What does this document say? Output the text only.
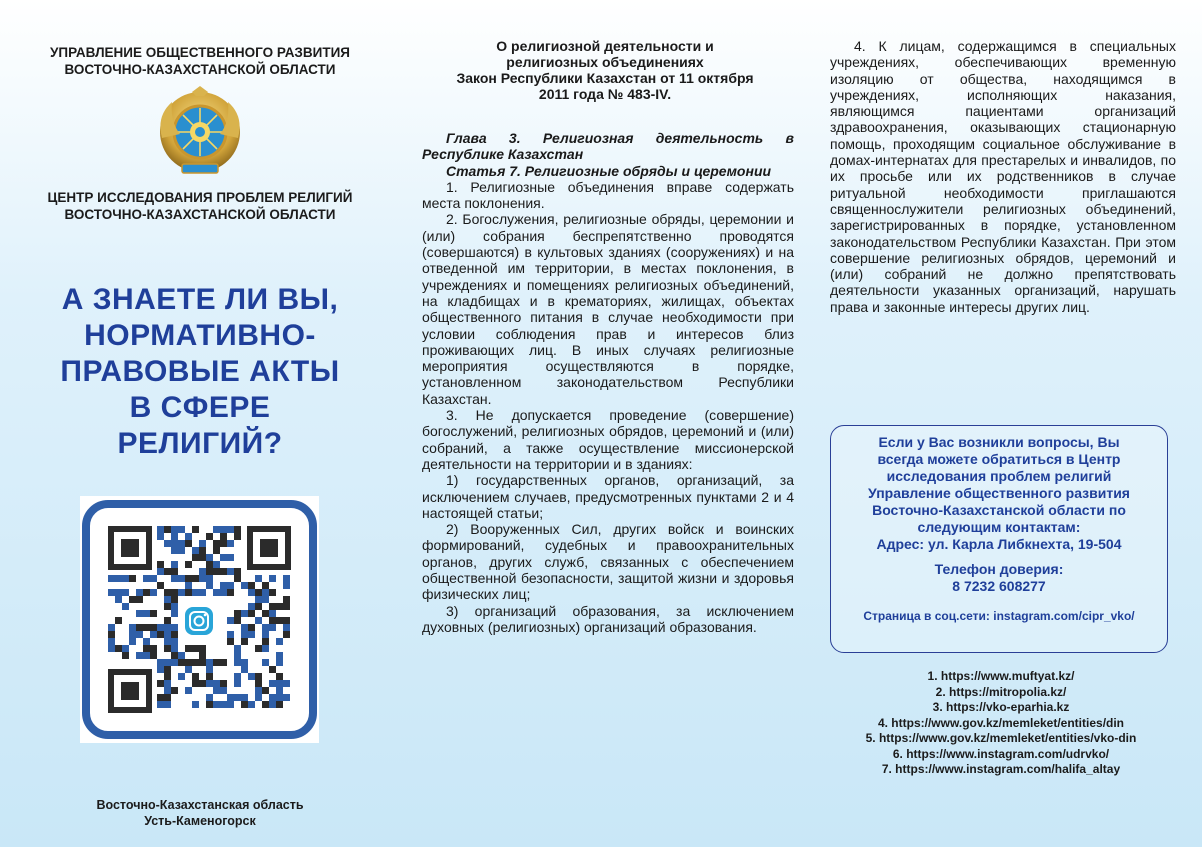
УПРАВЛЕНИЕ ОБЩЕСТВЕННОГО РАЗВИТИЯ
ВОСТОЧНО-КАЗАХСТАНСКОЙ ОБЛАСТИ
ЦЕНТР ИССЛЕДОВАНИЯ ПРОБЛЕМ РЕЛИГИЙ
ВОСТОЧНО-КАЗАХСТАНСКОЙ ОБЛАСТИ
А ЗНАЕТЕ ЛИ ВЫ,
НОРМАТИВНО-
ПРАВОВЫЕ АКТЫ
В СФЕРЕ
РЕЛИГИЙ?
Восточно-Казахстанская область
Усть-Каменогорск
О религиозной деятельности и
религиозных объединениях
Закон Республики Казахстан от 11 октября
2011 года № 483-IV.

Глава 3. Религиозная деятельность в Республике Казахстан

Статья 7. Религиозные обряды и церемонии

1. Религиозные объединения вправе содержать места поклонения.

2. Богослужения, религиозные обряды, церемонии и (или) собрания беспрепятственно проводятся (совершаются) в культовых зданиях (сооружениях) и на отведенной им территории, в местах поклонения, в учреждениях и помещениях религиозных объединений, на кладбищах и в крематориях, жилищах, объектах общественного питания в случае необходимости при условии соблюдения прав и интересов близ проживающих лиц. В иных случаях религиозные мероприятия осуществляются в порядке, установленном законодательством Республики Казахстан.

3. Не допускается проведение (совершение) богослужений, религиозных обрядов, церемоний и (или) собраний, а также осуществление миссионерской деятельности на территории и в зданиях:

1) государственных органов, организаций, за исключением случаев, предусмотренных пунктами 2 и 4 настоящей статьи;

2) Вооруженных Сил, других войск и воинских формирований, судебных и правоохранительных органов, других служб, связанных с обеспечением общественной безопасности, защитой жизни и здоровья физических лиц;

3) организаций образования, за исключением духовных (религиозных) организаций образования.

4. К лицам, содержащимся в специальных учреждениях, обеспечивающих временную изоляцию от общества, находящимся в учреждениях, исполняющих наказания, являющимся пациентами организаций здравоохранения, оказывающих стационарную помощь, проходящим социальное обслуживание в домах-интернатах для престарелых и инвалидов, по их просьбе или их родственников в случае ритуальной необходимости приглашаются священнослужители религиозных объединений, зарегистрированных в порядке, установленном законодательством Республики Казахстан. При этом совершение религиозных обрядов, церемоний и (или) собраний не должно препятствовать деятельности указанных организаций, нарушать права и законные интересы других лиц.

Если у Вас возникли вопросы, Вы
всегда можете обратиться в Центр
исследования проблем религий
Управление общественного развития
Восточно-Казахстанской области по
следующим контактам:
Адрес: ул. Карла Либкнехта, 19-504
Телефон доверия:
8 7232 608277
Страница в соц.сети: instagram.com/cipr_vko/
1. https://www.muftyat.kz/
2. https://mitropolia.kz/
3. https://vko-eparhia.kz
4. https://www.gov.kz/memleket/entities/din
5. https://www.gov.kz/memleket/entities/vko-din
6. https://www.instagram.com/udrvko/
7. https://www.instagram.com/halifa_altay
